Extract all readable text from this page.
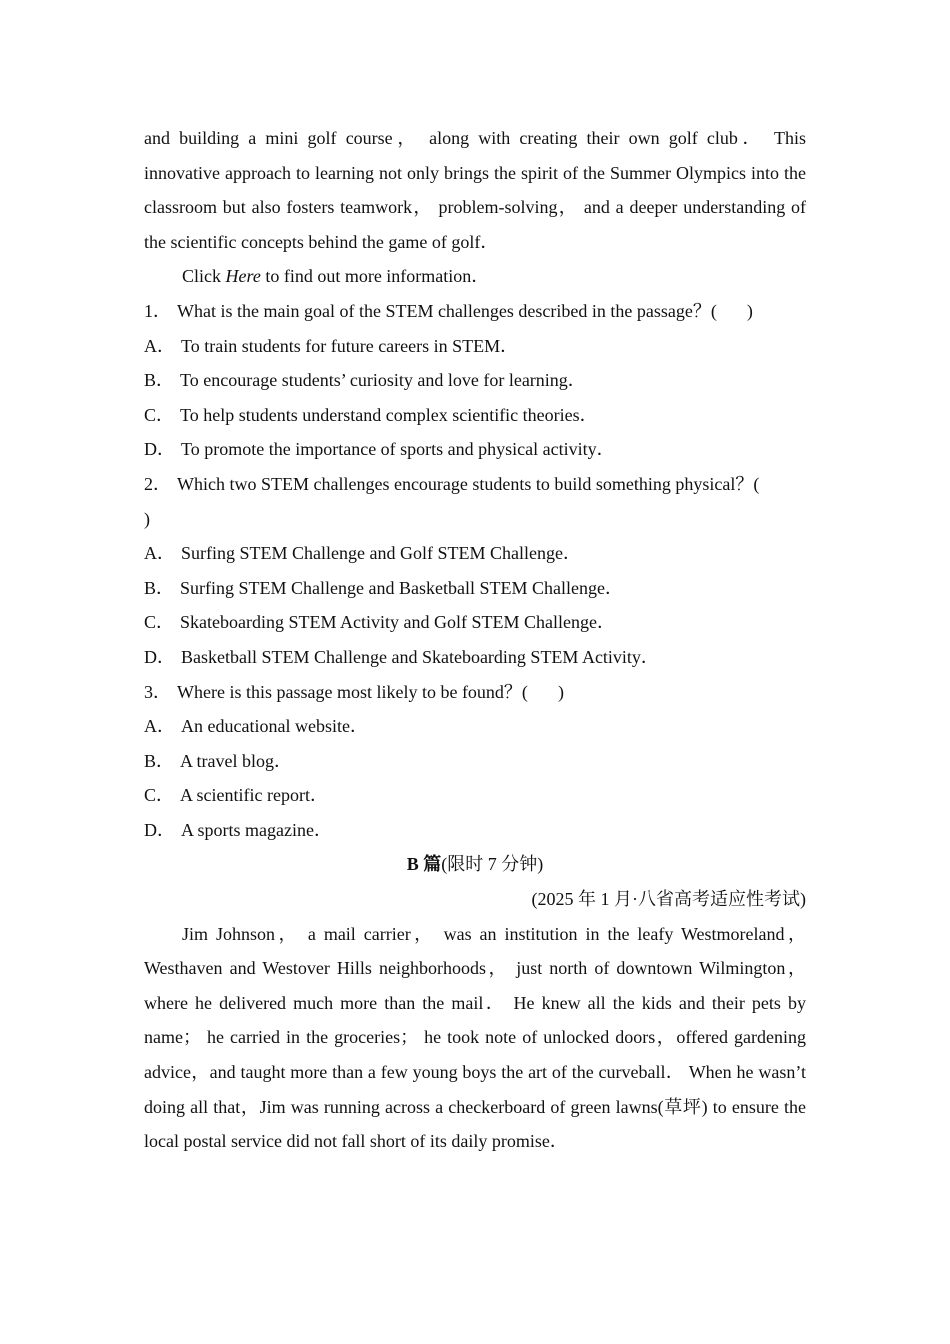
and building a mini golf course， along with creating their own golf club． This innovative approach to learning not only brings the spirit of the Summer Olympics into the classroom but also fosters teamwork， problem-solving， and a deeper understanding of the scientific concepts behind the game of golf．

Click Here to find out more information．

1． What is the main goal of the STEM challenges described in the passage？( )

A． To train students for future careers in STEM．

B． To encourage students’ curiosity and love for learning．

C． To help students understand complex scientific theories．

D． To promote the importance of sports and physical activity．

2． Which two STEM challenges encourage students to build something physical？(
)

A． Surfing STEM Challenge and Golf STEM Challenge．

B． Surfing STEM Challenge and Basketball STEM Challenge．

C． Skateboarding STEM Activity and Golf STEM Challenge．

D． Basketball STEM Challenge and Skateboarding STEM Activity．

3． Where is this passage most likely to be found？( )

A． An educational website．

B． A travel blog．

C． A scientific report．

D． A sports magazine．

B 篇(限时 7 分钟)

(2025 年 1 月·八省高考适应性考试)

Jim Johnson， a mail carrier， was an institution in the leafy Westmoreland， Westhaven and Westover Hills neighborhoods， just north of downtown Wilmington，where he delivered much more than the mail． He knew all the kids and their pets by name； he carried in the groceries； he took note of unlocked doors，offered gardening advice，and taught more than a few young boys the art of the curveball． When he wasn’t doing all that，Jim was running across a checkerboard of green lawns(草坪) to ensure the local postal service did not fall short of its daily promise．
